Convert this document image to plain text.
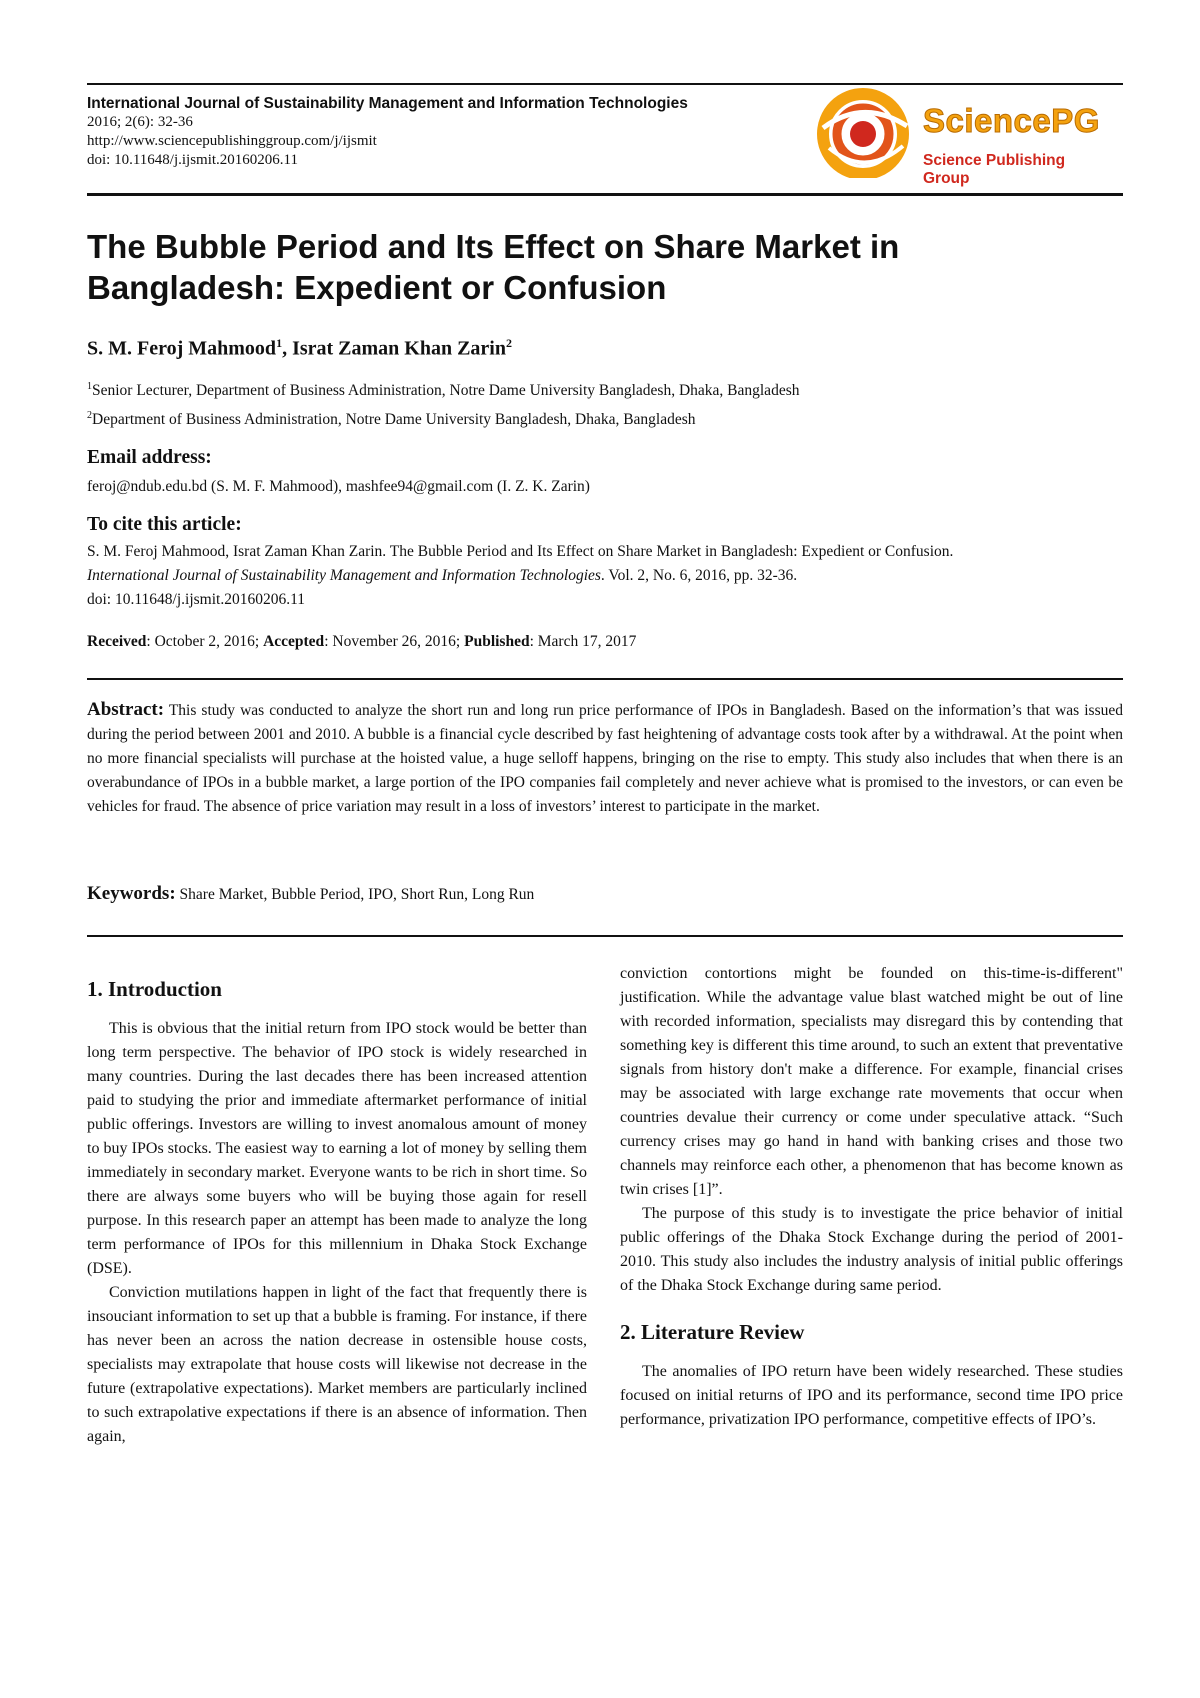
International Journal of Sustainability Management and Information Technologies

2016; 2(6): 32-36

http://www.sciencepublishinggroup.com/j/ijsmit

doi: 10.11648/j.ijsmit.20160206.11

SciencePG
Science Publishing Group
The Bubble Period and Its Effect on Share Market in
Bangladesh: Expedient or Confusion

S. M. Feroj Mahmood$^1$, Israt Zaman Khan Zarin$^2$

$^1$Senior Lecturer, Department of Business Administration, Notre Dame University Bangladesh, Dhaka, Bangladesh

$^2$Department of Business Administration, Notre Dame University Bangladesh, Dhaka, Bangladesh

Email address:

feroj@ndub.edu.bd (S. M. F. Mahmood), mashfee94@gmail.com (I. Z. K. Zarin)

To cite this article:

S. M. Feroj Mahmood, Israt Zaman Khan Zarin. The Bubble Period and Its Effect on Share Market in Bangladesh: Expedient or Confusion.

International Journal of Sustainability Management and Information Technologies. Vol. 2, No. 6, 2016, pp. 32-36.

doi: 10.11648/j.ijsmit.20160206.11

Received: October 2, 2016; Accepted: November 26, 2016; Published: March 17, 2017

Abstract: This study was conducted to analyze the short run and long run price performance of IPOs in Bangladesh. Based on the information’s that was issued during the period between 2001 and 2010. A bubble is a financial cycle described by fast heightening of advantage costs took after by a withdrawal. At the point when no more financial specialists will purchase at the hoisted value, a huge selloff happens, bringing on the rise to empty. This study also includes that when there is an overabundance of IPOs in a bubble market, a large portion of the IPO companies fail completely and never achieve what is promised to the investors, or can even be vehicles for fraud. The absence of price variation may result in a loss of investors’ interest to participate in the market.

Keywords: Share Market, Bubble Period, IPO, Short Run, Long Run

1. Introduction

This is obvious that the initial return from IPO stock would be better than long term perspective. The behavior of IPO stock is widely researched in many countries. During the last decades there has been increased attention paid to studying the prior and immediate aftermarket performance of initial public offerings. Investors are willing to invest anomalous amount of money to buy IPOs stocks. The easiest way to earning a lot of money by selling them immediately in secondary market. Everyone wants to be rich in short time. So there are always some buyers who will be buying those again for resell purpose. In this research paper an attempt has been made to analyze the long term performance of IPOs for this millennium in Dhaka Stock Exchange (DSE).

Conviction mutilations happen in light of the fact that frequently there is insouciant information to set up that a bubble is framing. For instance, if there has never been an across the nation decrease in ostensible house costs, specialists may extrapolate that house costs will likewise not decrease in the future (extrapolative expectations). Market members are particularly inclined to such extrapolative expectations if there is an absence of information. Then again,

conviction contortions might be founded on this-time-is-different" justification. While the advantage value blast watched might be out of line with recorded information, specialists may disregard this by contending that something key is different this time around, to such an extent that preventative signals from history don't make a difference. For example, financial crises may be associated with large exchange rate movements that occur when countries devalue their currency or come under speculative attack. “Such currency crises may go hand in hand with banking crises and those two channels may reinforce each other, a phenomenon that has become known as twin crises [1]”.

The purpose of this study is to investigate the price behavior of initial public offerings of the Dhaka Stock Exchange during the period of 2001-2010. This study also includes the industry analysis of initial public offerings of the Dhaka Stock Exchange during same period.

2. Literature Review

The anomalies of IPO return have been widely researched. These studies focused on initial returns of IPO and its performance, second time IPO price performance, privatization IPO performance, competitive effects of IPO’s.
